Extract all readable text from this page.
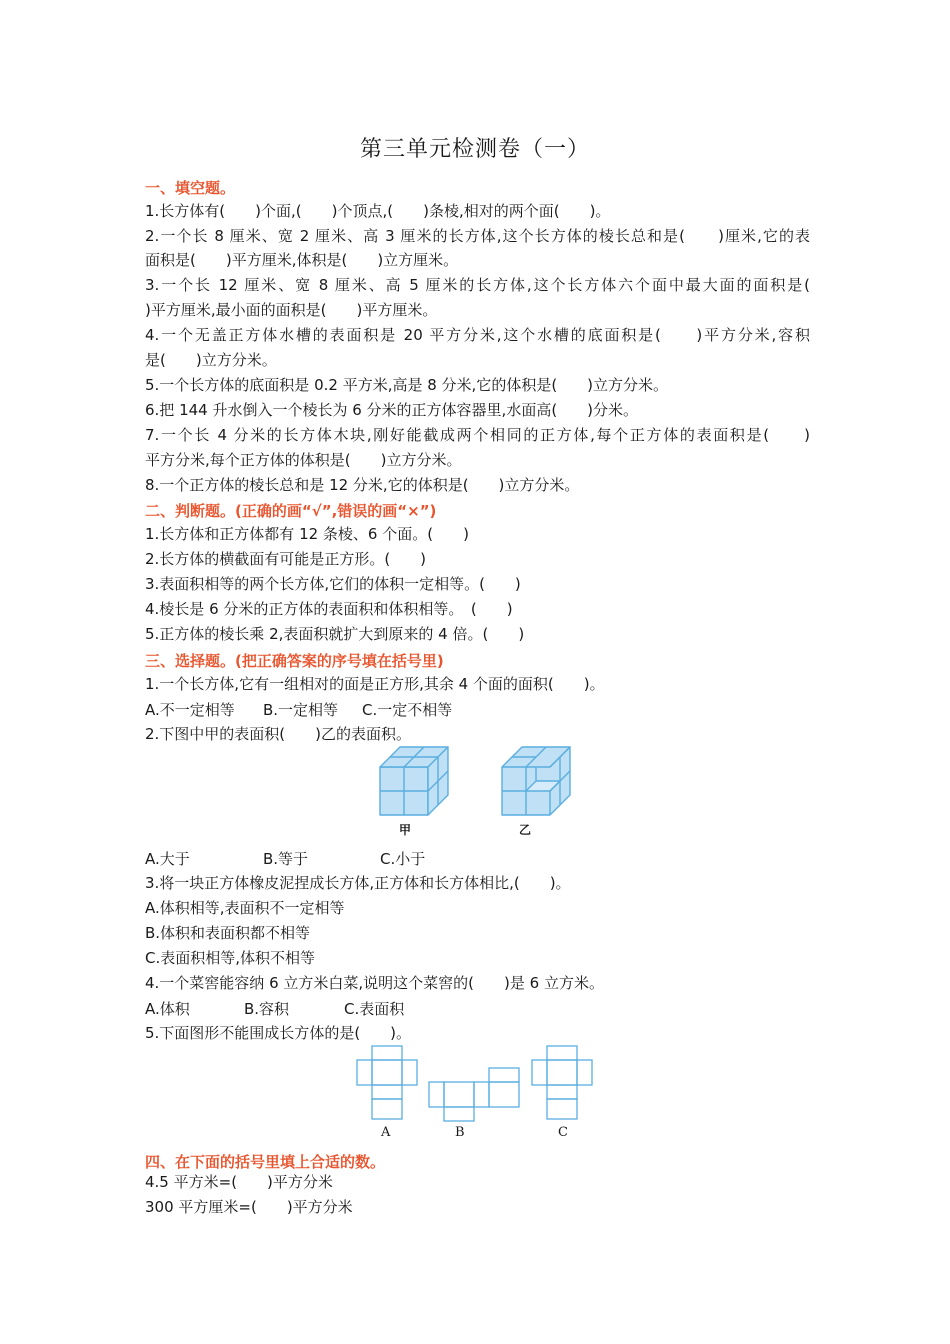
第三单元检测卷（一）
一、填空题。
1.长方体有(　　)个面,(　　)个顶点,(　　)条棱,相对的两个面(　　)。
2.一个长 8 厘米、宽 2 厘米、高 3 厘米的长方体,这个长方体的棱长总和是(　　)厘米,它的表
面积是(　　)平方厘米,体积是(　　)立方厘米。
3.一个长 12 厘米、宽 8 厘米、高 5 厘米的长方体,这个长方体六个面中最大面的面积是(
)平方厘米,最小面的面积是(　　)平方厘米。
4.一个无盖正方体水槽的表面积是 20 平方分米,这个水槽的底面积是(　　)平方分米,容积
是(　　)立方分米。
5.一个长方体的底面积是 0.2 平方米,高是 8 分米,它的体积是(　　)立方分米。
6.把 144 升水倒入一个棱长为 6 分米的正方体容器里,水面高(　　)分米。
7.一个长 4 分米的长方体木块,刚好能截成两个相同的正方体,每个正方体的表面积是(　　)
平方分米,每个正方体的体积是(　　)立方分米。
8.一个正方体的棱长总和是 12 分米,它的体积是(　　)立方分米。
二、判断题。(正确的画“√”,错误的画“×”)
1.长方体和正方体都有 12 条棱、6 个面。(　　)
2.长方体的横截面有可能是正方形。(　　)
3.表面积相等的两个长方体,它们的体积一定相等。(　　)
4.棱长是 6 分米的正方体的表面积和体积相等。　(　　)
5.正方体的棱长乘 2,表面积就扩大到原来的 4 倍。(　　)
三、选择题。(把正确答案的序号填在括号里)
1.一个长方体,它有一组相对的面是正方形,其余 4 个面的面积(　　)。
A.不一定相等 B.一定相等 C.一定不相等
2.下图中甲的表面积(　　)乙的表面积。
甲	乙
A.大于	B.等于	C.小于
3.将一块正方体橡皮泥捏成长方体,正方体和长方体相比,(　　)。
A.体积相等,表面积不一定相等
B.体积和表面积都不相等
C.表面积相等,体积不相等
4.一个菜窖能容纳 6 立方米白菜,说明这个菜窖的(　　)是 6 立方米。
A.体积	B.容积	C.表面积
5.下面图形不能围成长方体的是(　　)。
A	B	C
四、在下面的括号里填上合适的数。
4.5 平方米=(　　)平方分米
300 平方厘米=(　　)平方分米
